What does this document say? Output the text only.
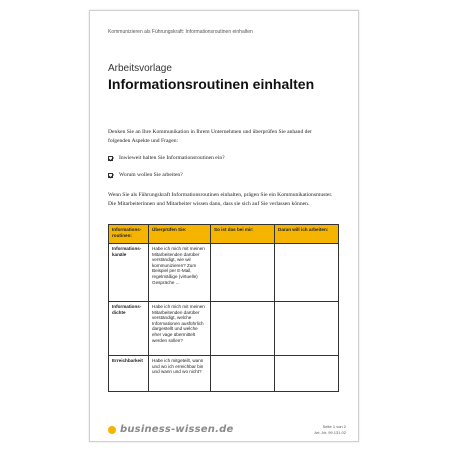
Kommunizieren als Führungskraft: Informationsroutinen einhalten
Arbeitsvorlage
Informationsroutinen einhalten
Denken Sie an Ihre Kommunikation in Ihrem Unternehmen und überprüfen Sie anhand der folgenden Aspekte und Fragen:
Inwieweit halten Sie Informationsroutinen ein?
Worum wollen Sie arbeiten?
Wenn Sie als Führungskraft Informationsroutinen einhalten, prägen Sie ein Kommunikationsmuster. Die Mitarbeiterinnen und Mitarbeiter wissen dann, dass sie sich auf Sie verlassen können.
Informations-routinen:	Überprüfen Sie:	So ist das bei mir:	Daran will ich arbeiten:
Informations-kanäle	Habe ich mich mit meinen Mitarbeitenden darüber verständigt, wie wir kommunizieren? Zum Beispiel per E-Mail, regelmäßige (virtuelle) Gespräche ...		
Informations-dichte	Habe ich mich mit meinen Mitarbeitenden darüber verständigt, welche Informationen ausführlich dargestellt und welche eher vage übermittelt werden sollen?		
Erreichbarkeit	Habe ich mitgeteilt, wann und wo ich erreichbar bin und wann und wo nicht?		
business-wissen.de	Seite 1 von 2
Art.-Nr. 99.131.02
